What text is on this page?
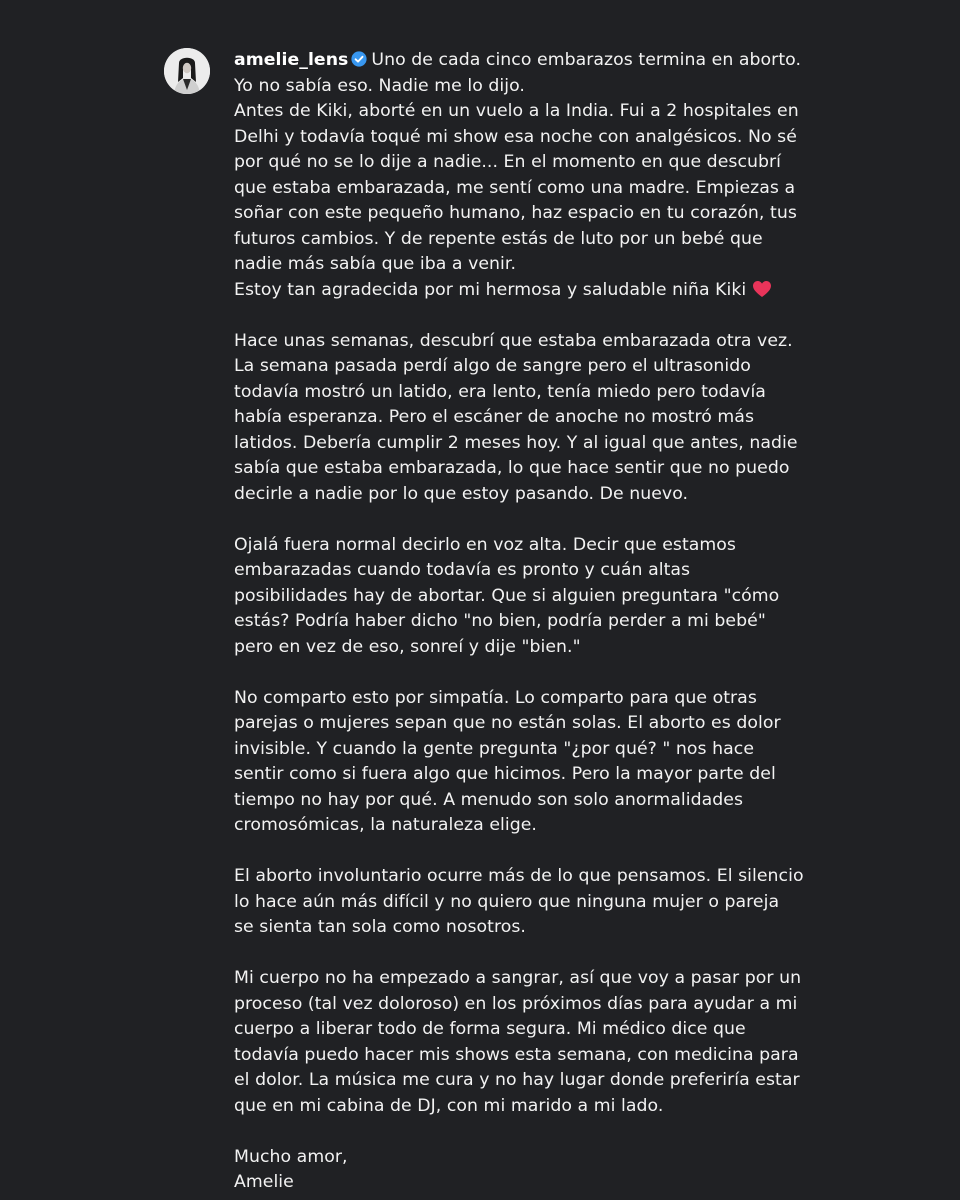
amelie_lens Uno de cada cinco embarazos termina en aborto.
Yo no sabía eso. Nadie me lo dijo.
Antes de Kiki, aborté en un vuelo a la India. Fui a 2 hospitales en
Delhi y todavía toqué mi show esa noche con analgésicos. No sé
por qué no se lo dije a nadie... En el momento en que descubrí
que estaba embarazada, me sentí como una madre. Empiezas a
soñar con este pequeño humano, haz espacio en tu corazón, tus
futuros cambios. Y de repente estás de luto por un bebé que
nadie más sabía que iba a venir.
Estoy tan agradecida por mi hermosa y saludable niña Kiki

Hace unas semanas, descubrí que estaba embarazada otra vez.
La semana pasada perdí algo de sangre pero el ultrasonido
todavía mostró un latido, era lento, tenía miedo pero todavía
había esperanza. Pero el escáner de anoche no mostró más
latidos. Debería cumplir 2 meses hoy. Y al igual que antes, nadie
sabía que estaba embarazada, lo que hace sentir que no puedo
decirle a nadie por lo que estoy pasando. De nuevo.

Ojalá fuera normal decirlo en voz alta. Decir que estamos
embarazadas cuando todavía es pronto y cuán altas
posibilidades hay de abortar. Que si alguien preguntara "cómo
estás? Podría haber dicho "no bien, podría perder a mi bebé"
pero en vez de eso, sonreí y dije "bien."

No comparto esto por simpatía. Lo comparto para que otras
parejas o mujeres sepan que no están solas. El aborto es dolor
invisible. Y cuando la gente pregunta "¿por qué? " nos hace
sentir como si fuera algo que hicimos. Pero la mayor parte del
tiempo no hay por qué. A menudo son solo anormalidades
cromosómicas, la naturaleza elige.

El aborto involuntario ocurre más de lo que pensamos. El silencio
lo hace aún más difícil y no quiero que ninguna mujer o pareja
se sienta tan sola como nosotros.

Mi cuerpo no ha empezado a sangrar, así que voy a pasar por un
proceso (tal vez doloroso) en los próximos días para ayudar a mi
cuerpo a liberar todo de forma segura. Mi médico dice que
todavía puedo hacer mis shows esta semana, con medicina para
el dolor. La música me cura y no hay lugar donde preferiría estar
que en mi cabina de DJ, con mi marido a mi lado.

Mucho amor,
Amelie
